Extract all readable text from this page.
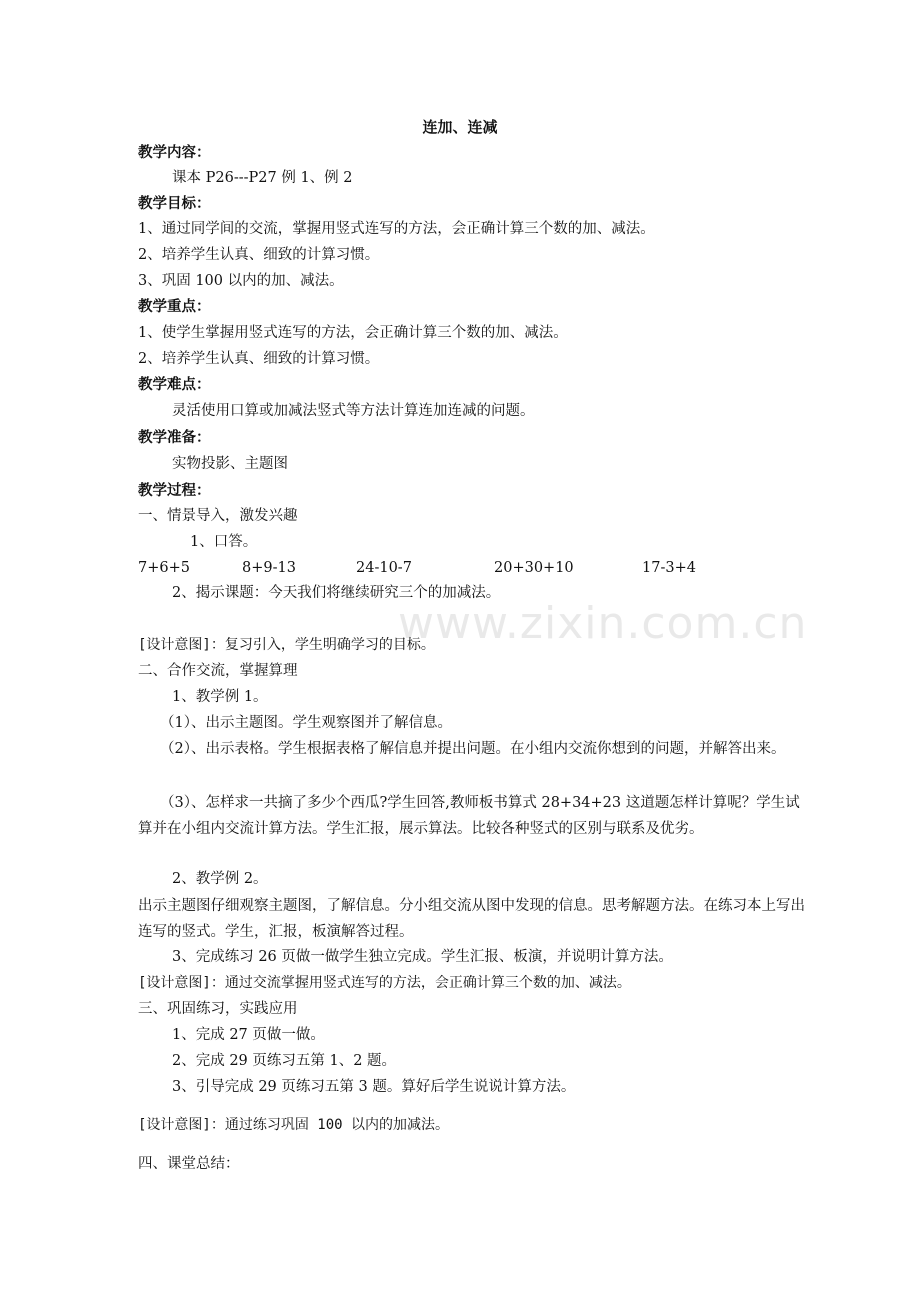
www.zixin.com.cn
连加、连减
教学内容：
课本 P26---P27 例 1、例 2
教学目标：
1、通过同学间的交流，掌握用竖式连写的方法，会正确计算三个数的加、减法。
2、培养学生认真、细致的计算习惯。
3、巩固 100 以内的加、减法。
教学重点：
1、使学生掌握用竖式连写的方法，会正确计算三个数的加、减法。
2、培养学生认真、细致的计算习惯。
教学难点：
灵活使用口算或加减法竖式等方法计算连加连减的问题。
教学准备：
实物投影、主题图
教学过程：
一、情景导入，激发兴趣
1、口答。
7+6+5	8+9-13	24-10-7	20+30+10	17-3+4
2、揭示课题：今天我们将继续研究三个的加减法。
[设计意图]：复习引入，学生明确学习的目标。
二、合作交流，掌握算理
1、教学例 1。
（1）、出示主题图。学生观察图并了解信息。
（2）、出示表格。学生根据表格了解信息并提出问题。在小组内交流你想到的问题，并解答出来。
（3）、怎样求一共摘了多少个西瓜?学生回答,教师板书算式 28+34+23 这道题怎样计算呢？学生试算并在小组内交流计算方法。学生汇报，展示算法。比较各种竖式的区别与联系及优劣。
2、教学例 2。
出示主题图仔细观察主题图，了解信息。分小组交流从图中发现的信息。思考解题方法。在练习本上写出连写的竖式。学生，汇报，板演解答过程。
3、完成练习 26 页做一做学生独立完成。学生汇报、板演，并说明计算方法。
[设计意图]：通过交流掌握用竖式连写的方法，会正确计算三个数的加、减法。
三、巩固练习，实践应用
1、完成 27 页做一做。
2、完成 29 页练习五第 1、2 题。
3、引导完成 29 页练习五第 3 题。算好后学生说说计算方法。
[设计意图]：通过练习巩固 100 以内的加减法。
四、课堂总结：
